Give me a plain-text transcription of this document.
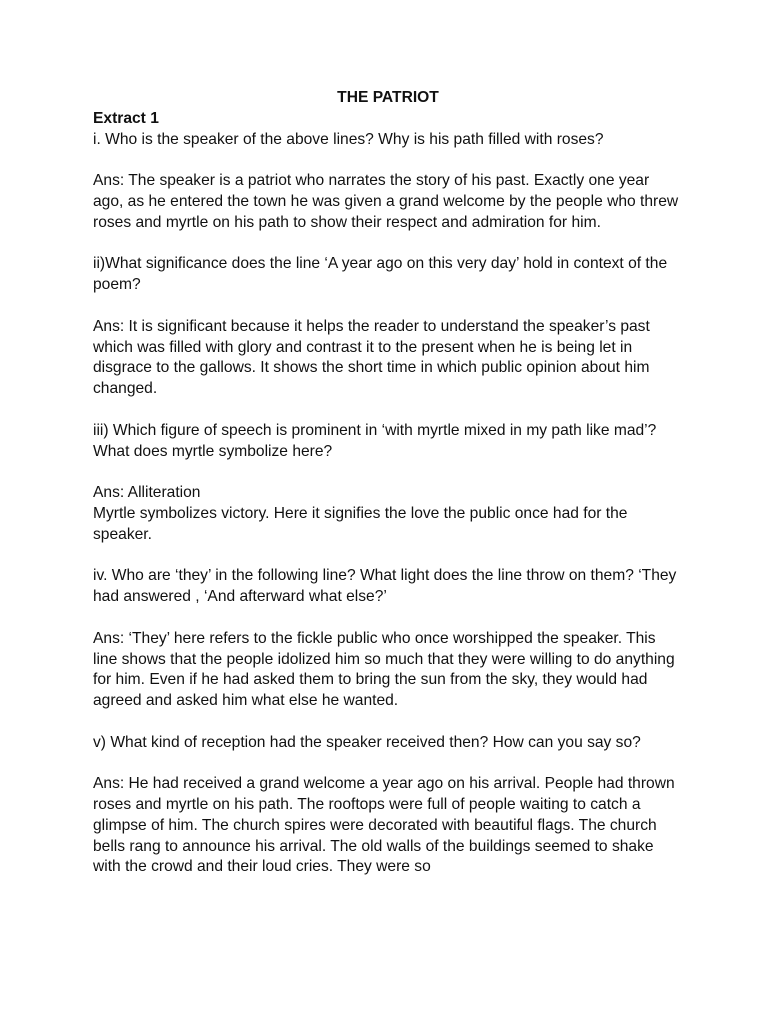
THE PATRIOT

Extract 1

i. Who is the speaker of the above lines? Why is his path filled with roses?

Ans: The speaker is a patriot who narrates the story of his past. Exactly one year ago, as he entered the town he was given a grand welcome by the people who threw roses and myrtle on his path to show their respect and admiration for him.

ii)What significance does the line ‘A year ago on this very day’ hold in context of the poem?

Ans: It is significant because it helps the reader to understand the speaker’s past which was filled with glory and contrast it to the present when he is being let in disgrace to the gallows. It shows the short time in which public opinion about him changed.

iii) Which figure of speech is prominent in ‘with myrtle mixed in my path like mad’? What does myrtle symbolize here?

Ans: Alliteration

Myrtle symbolizes victory. Here it signifies the love the public once had for the speaker.

iv. Who are ‘they’ in the following line? What light does the line throw on them? ‘They had answered , ‘And afterward what else?’

Ans: ‘They’ here refers to the fickle public who once worshipped the speaker. This line shows that the people idolized him so much that they were willing to do anything for him. Even if he had asked them to bring the sun from the sky, they would had agreed and asked him what else he wanted.

v) What kind of reception had the speaker received then? How can you say so?

Ans: He had received a grand welcome a year ago on his arrival. People had thrown roses and myrtle on his path. The rooftops were full of people waiting to catch a glimpse of him. The church spires were decorated with beautiful flags. The church bells rang to announce his arrival. The old walls of the buildings seemed to shake with the crowd and their loud cries. They were so
